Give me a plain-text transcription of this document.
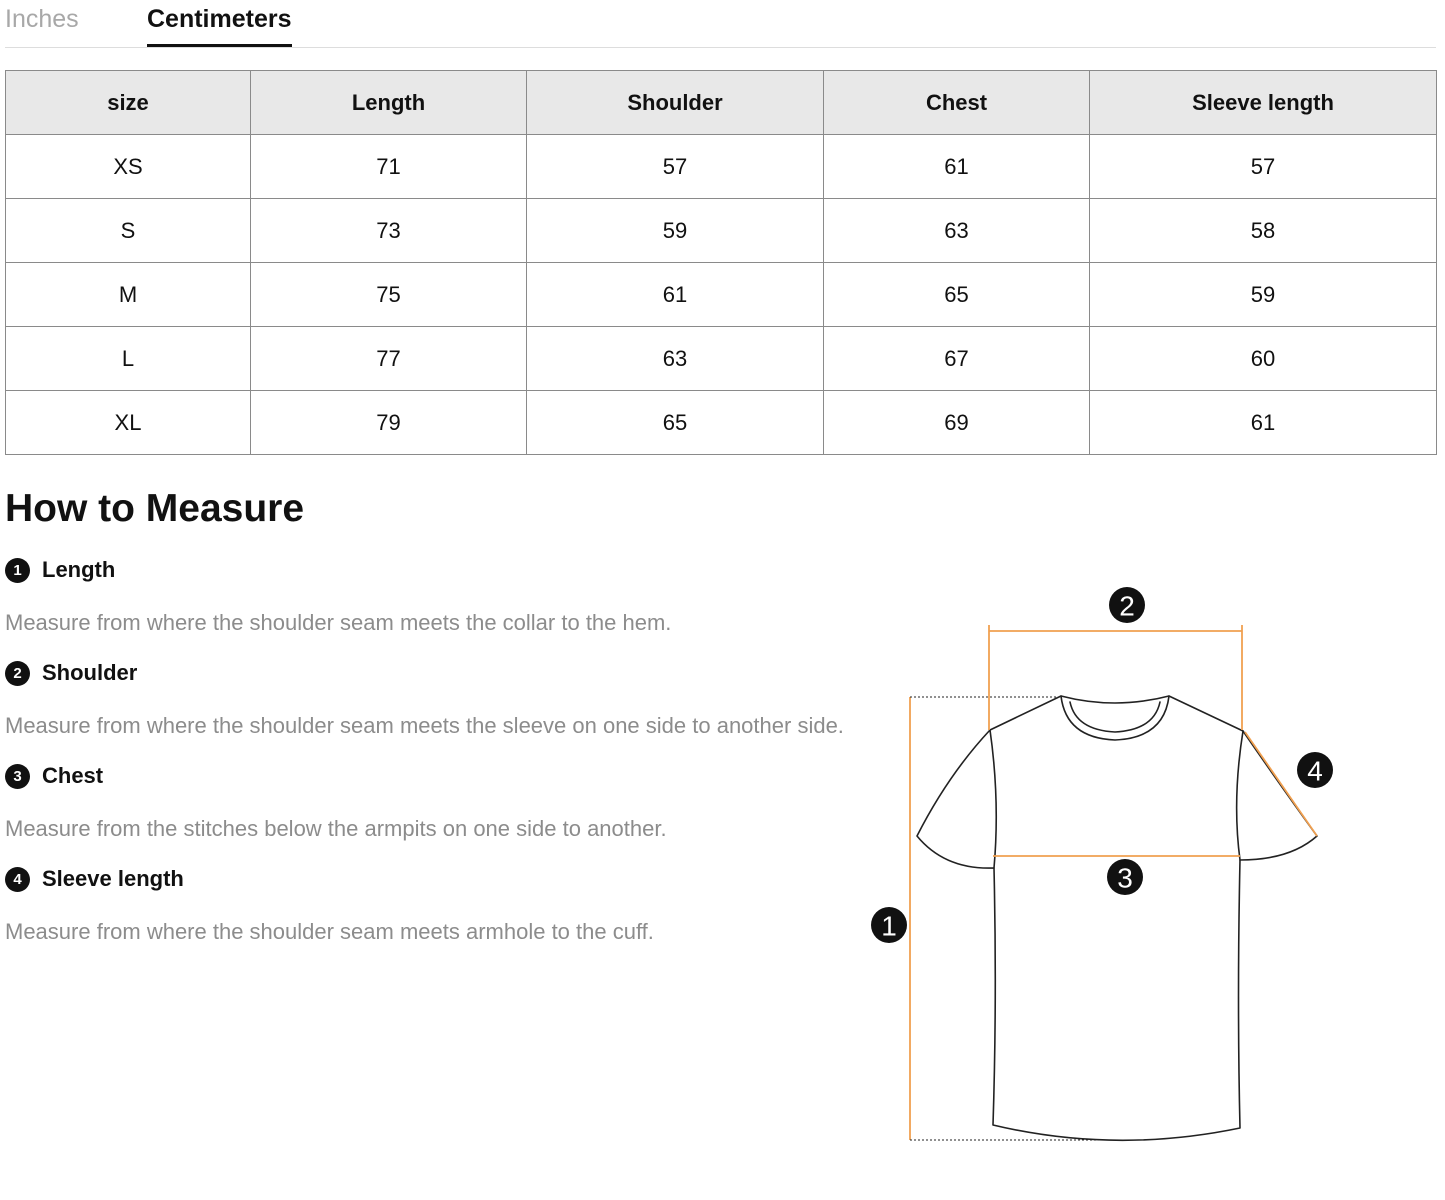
Inches	Centimeters
size	Length	Shoulder	Chest	Sleeve length
XS	71	57	61	57
S	73	59	63	58
M	75	61	65	59
L	77	63	67	60
XL	79	65	69	61
How to Measure
1 Length
Measure from where the shoulder seam meets the collar to the hem.
2 Shoulder
Measure from where the shoulder seam meets the sleeve on one side to another side.
3 Chest
Measure from the stitches below the armpits on one side to another.
4 Sleeve length
Measure from where the shoulder seam meets armhole to the cuff.	1
2
3
4
